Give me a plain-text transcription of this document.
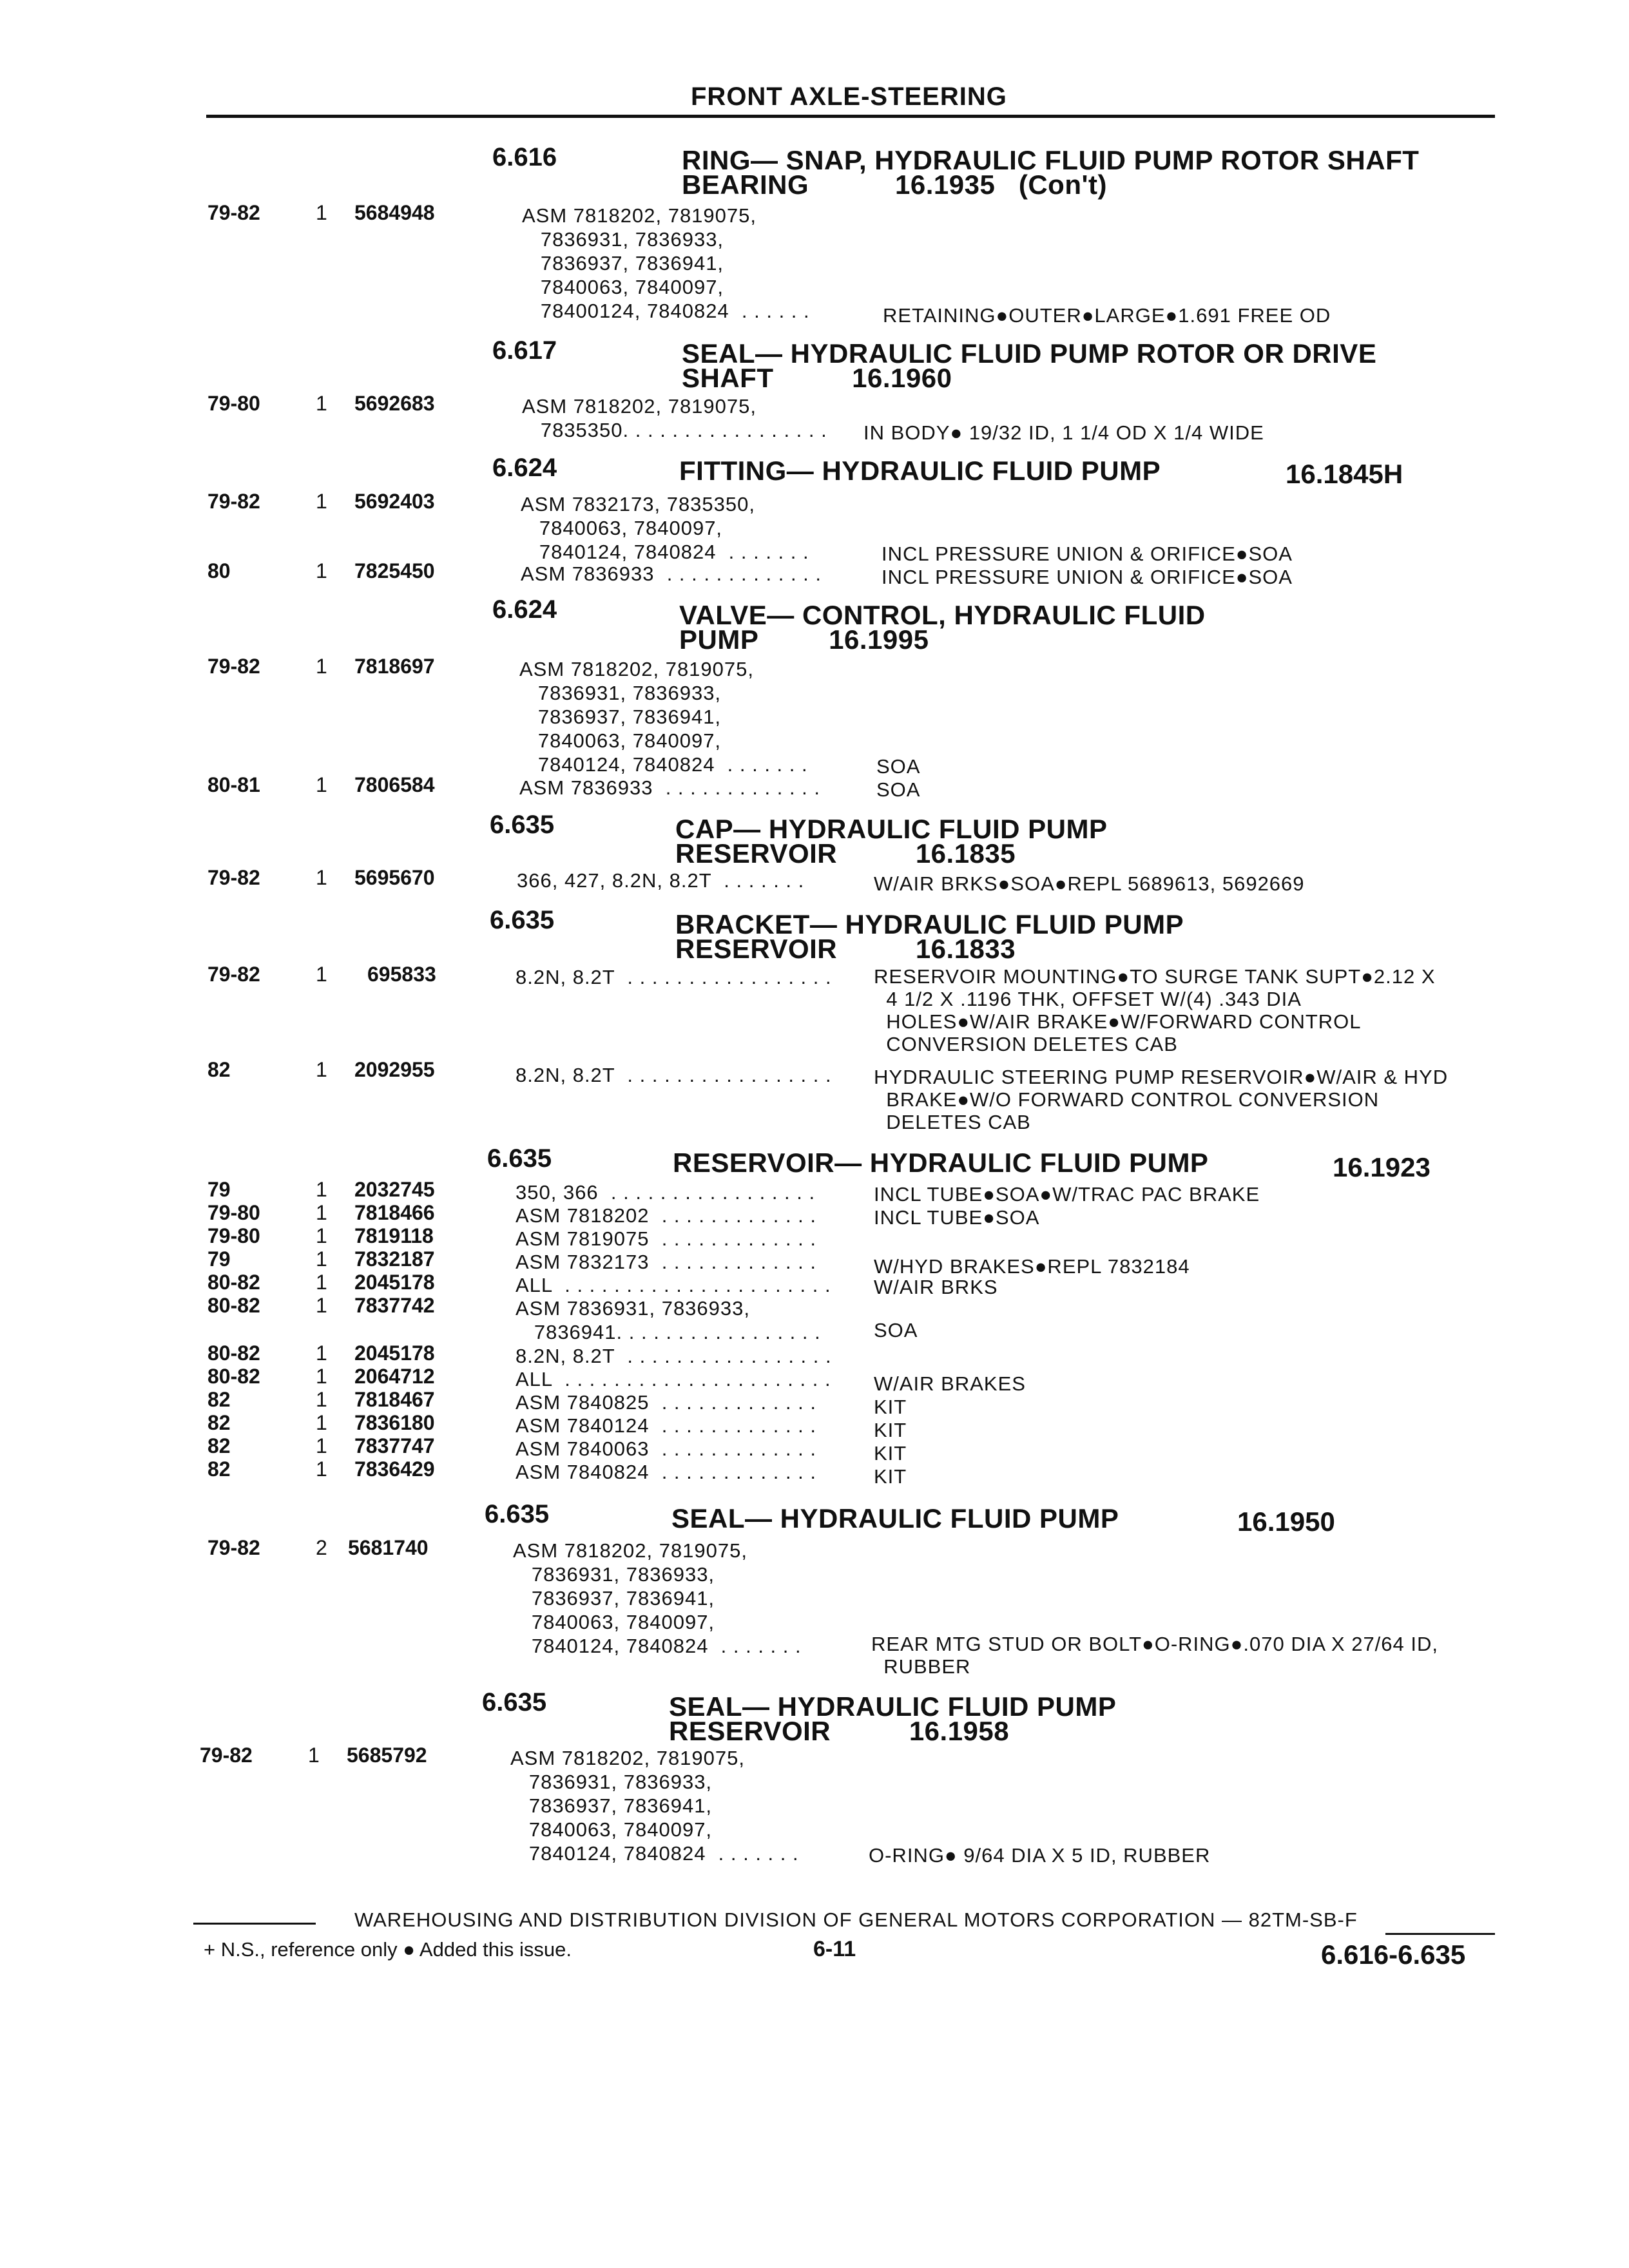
FRONT AXLE-STEERING
6.616	RING— SNAP, HYDRAULIC FLUID PUMP ROTOR SHAFT
BEARING           16.1935   (Con't)
79-82	1 5684948	ASM 7818202, 7819075,
7836931, 7836933,
7836937, 7836941,
7840063, 7840097,
78400124, 7840824  . . . . . .	RETAINING●OUTER●LARGE●1.691 FREE OD
6.617	SEAL— HYDRAULIC FLUID PUMP ROTOR OR DRIVE
SHAFT          16.1960
79-80	1 5692683	ASM 7818202, 7819075,
7835350. . . . . . . . . . . . . . . . . IN BODY● 19/32 ID, 1 1/4 OD X 1/4 WIDE
6.624	FITTING— HYDRAULIC FLUID PUMP	16.1845H
79-82	1 5692403	ASM 7832173, 7835350,
7840063, 7840097,
7840124, 7840824  . . . . . . .	INCL PRESSURE UNION & ORIFICE●SOA
80	1 7825450	ASM 7836933  . . . . . . . . . . . . .	INCL PRESSURE UNION & ORIFICE●SOA
6.624	VALVE— CONTROL, HYDRAULIC FLUID
PUMP         16.1995
79-82	1 7818697	ASM 7818202, 7819075,
7836931, 7836933,
7836937, 7836941,
7840063, 7840097,
7840124, 7840824  . . . . . . .	SOA
80-81	1 7806584	ASM 7836933  . . . . . . . . . . . . .	SOA
6.635	CAP— HYDRAULIC FLUID PUMP
RESERVOIR          16.1835
79-82	1 5695670	366, 427, 8.2N, 8.2T  . . . . . . .	W/AIR BRKS●SOA●REPL 5689613, 5692669
6.635	BRACKET— HYDRAULIC FLUID PUMP
RESERVOIR          16.1833
79-82	1 695833	8.2N, 8.2T  . . . . . . . . . . . . . . . . . RESERVOIR MOUNTING●TO SURGE TANK SUPT●2.12 X
4 1/2 X .1196 THK, OFFSET W/(4) .343 DIA
HOLES●W/AIR BRAKE●W/FORWARD CONTROL
CONVERSION DELETES CAB
82	1 2092955	8.2N, 8.2T  . . . . . . . . . . . . . . . . . HYDRAULIC STEERING PUMP RESERVOIR●W/AIR & HYD
BRAKE●W/O FORWARD CONTROL CONVERSION
DELETES CAB
6.635	RESERVOIR— HYDRAULIC FLUID PUMP	16.1923
79	1 2032745	350, 366  . . . . . . . . . . . . . . . . .	INCL TUBE●SOA●W/TRAC PAC BRAKE
79-80	1 7818466	ASM 7818202  . . . . . . . . . . . . .	INCL TUBE●SOA
79-80	1 7819118	ASM 7819075  . . . . . . . . . . . . .
79	1 7832187	ASM 7832173  . . . . . . . . . . . . .	W/HYD BRAKES●REPL 7832184
80-82	1 2045178	ALL  . . . . . . . . . . . . . . . . . . . . . . W/AIR BRKS
80-82	1 7837742	ASM 7836931, 7836933,
7836941. . . . . . . . . . . . . . . . .	
SOA
80-82	1 2045178	8.2N, 8.2T  . . . . . . . . . . . . . . . . .
80-82	1 2064712	ALL  . . . . . . . . . . . . . . . . . . . . . . W/AIR BRAKES
82	1 7818467	ASM 7840825  . . . . . . . . . . . . .	KIT
82	1 7836180	ASM 7840124  . . . . . . . . . . . . .	KIT
82	1 7837747	ASM 7840063  . . . . . . . . . . . . .	KIT
82	1 7836429	ASM 7840824  . . . . . . . . . . . . .	KIT
6.635	SEAL— HYDRAULIC FLUID PUMP	16.1950
79-82	2 5681740	ASM 7818202, 7819075,
7836931, 7836933,
7836937, 7836941,
7840063, 7840097,
7840124, 7840824  . . . . . . .	REAR MTG STUD OR BOLT●O-RING●.070 DIA X 27/64 ID,
RUBBER
6.635	SEAL— HYDRAULIC FLUID PUMP
RESERVOIR          16.1958
79-82	1 5685792	ASM 7818202, 7819075,
7836931, 7836933,
7836937, 7836941,
7840063, 7840097,
7840124, 7840824  . . . . . . .	O-RING● 9/64 DIA X 5 ID, RUBBER
WAREHOUSING AND DISTRIBUTION DIVISION OF GENERAL MOTORS CORPORATION — 82TM-SB-F
+ N.S., reference only ● Added this issue.	6-11	6.616-6.635
